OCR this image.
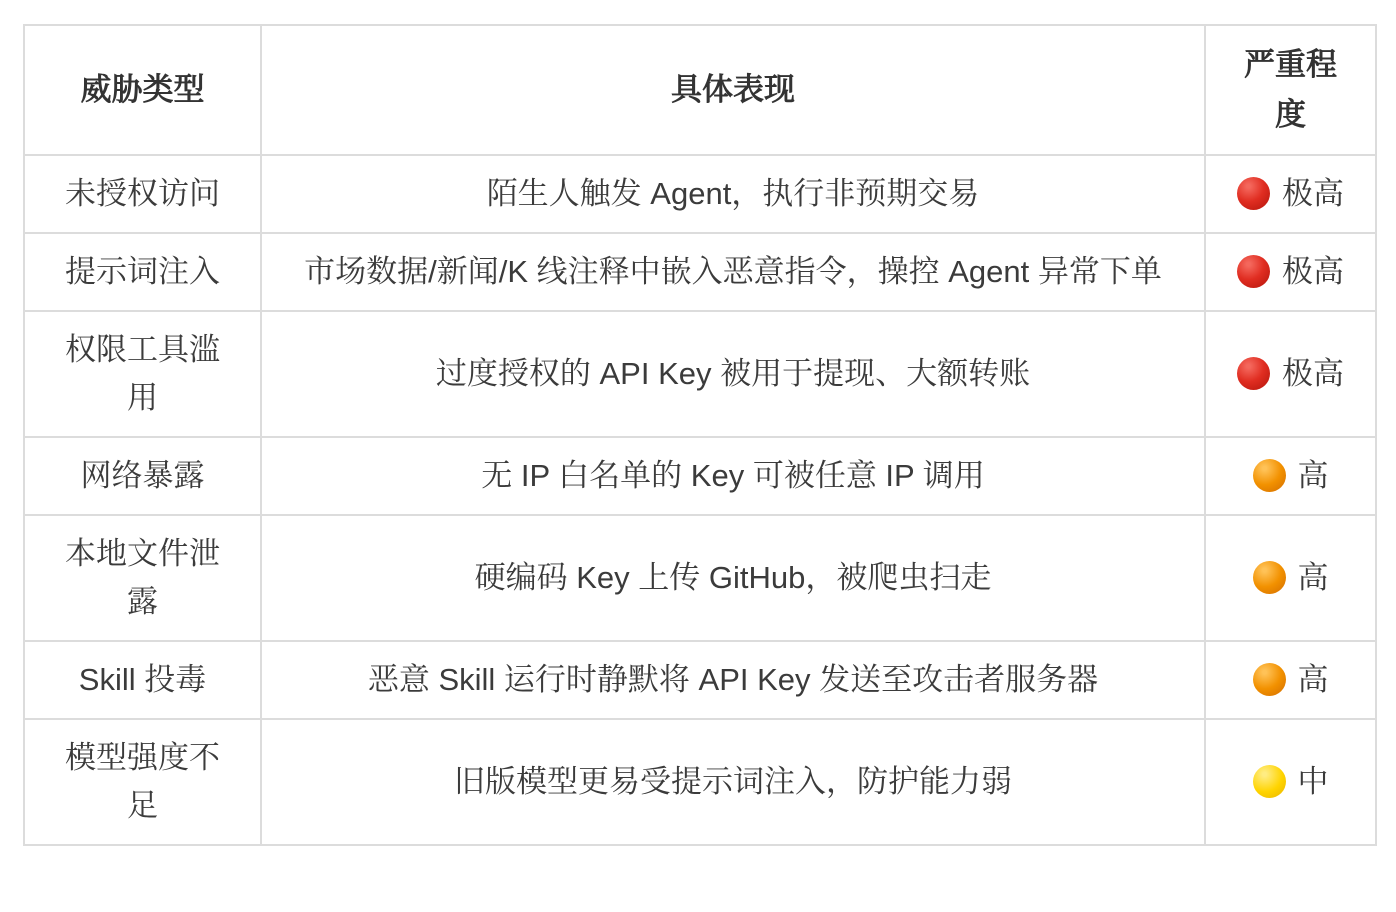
威胁类型	具体表现	严重程度
未授权访问	陌生人触发 Agent，执行非预期交易	极高
提示词注入	市场数据/新闻/K 线注释中嵌入恶意指令，操控 Agent 异常下单	极高
权限工具滥用	过度授权的 API Key 被用于提现、大额转账	极高
网络暴露	无 IP 白名单的 Key 可被任意 IP 调用	高
本地文件泄露	硬编码 Key 上传 GitHub，被爬虫扫走	高
Skill 投毒	恶意 Skill 运行时静默将 API Key 发送至攻击者服务器	高
模型强度不足	旧版模型更易受提示词注入，防护能力弱	中
